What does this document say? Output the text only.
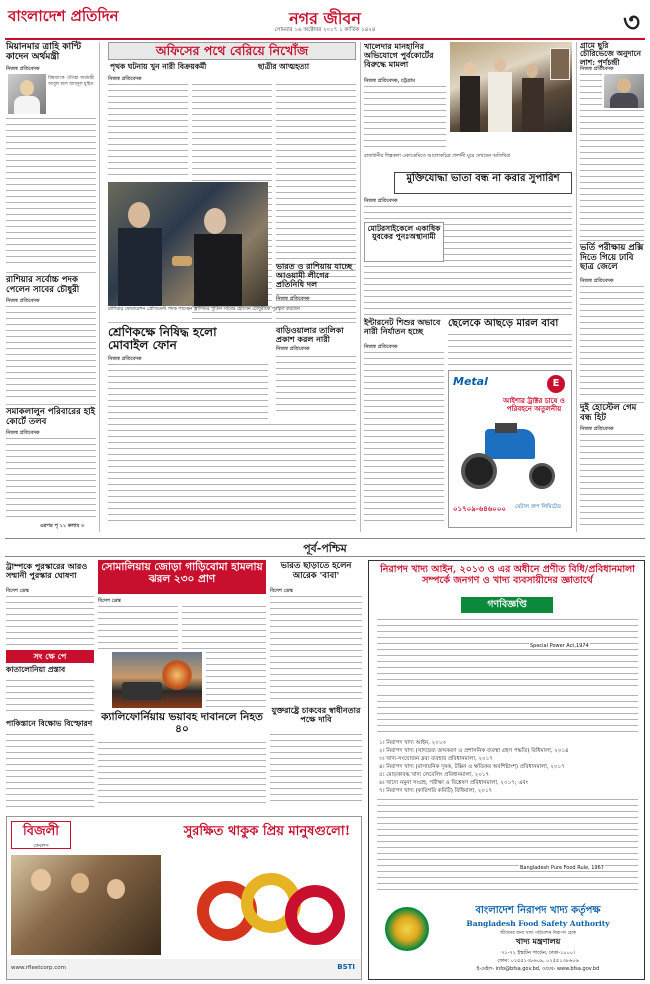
বাংলাদেশ প্রতিদিন	নগর জীবন
সোমবার ১৬ অক্টোবর ২০১৭ ১ কার্তিক ১৪২৪	৩
মিয়ানমার ত্রাহি কাণ্টি কাদেন অর্থমন্ত্রী
নিজস্ব প্রতিবেদক
বিশ্বব্যাংক ঐতিহ্য অর্থমন্ত্রী আবুল মাল আবদুল মুহিত
রাশিয়ার সর্বোচ্চ পদক পেলেন সাবের চৌধুরী
নিজস্ব প্রতিবেদক
সমাকলালুন পরিবারের হাই কোর্টে তলব
নিজস্ব প্রতিবেদক
এরপর পৃ ১১ কলাম ৩
অফিসের পথে বেরিয়ে নিখোঁজ
পৃথক ঘটনায় খুন নারী বিক্রয়কর্মী	ছাত্রীর আত্মহত্যা
নিজস্ব প্রতিবেদক
রাশিয়ার ফেডারেশন প্রেসিডেন্ট পদক পাচ্ছেন ভ্লাদিমির পুতিন সাবের হোসেন চৌধুরীকে পুরস্কৃত করছেন
শ্রেণিকক্ষে নিষিদ্ধ হলো মোবাইল ফোন
নিজস্ব প্রতিবেদক
ভারত ও রাশিয়ায় যাচ্ছে আওয়ামী লীগের প্রতিনিধি দল
নিজস্ব প্রতিবেদক
বাড়িওয়ালার তালিকা প্রকাশ করল নারী
নিজস্ব প্রতিবেদক
খালেদার মানহানির অভিযোগে পুর্বকোর্টের বিরুদ্ধে মামলা
নিজস্ব প্রতিবেদক, চট্টগ্রাম
রাজধানীর শিল্পকলা একাডেমিতে আলোকচিত্র প্রদর্শনী ঘুরে দেখছেন অতিথিরা
মুক্তিযোদ্ধা ভাতা বন্ধ না করার সুপারিশ
নিজস্ব প্রতিবেদক
মোটরসাইকেলে একাধিক যুবকের পুনঃঅস্থানামী
ছেলেকে আছড়ে মারল বাবা
ইন্টারনেট শিশুর অভাবে নারী নির্যাতন হচ্ছে
নিজস্ব প্রতিবেদক
Metal	E
আইশার ট্রাক্টর চাষে ও পরিবহনে অতুলনীয়
০১৭০৯-৬৪৬০০০ মেটাল গ্রুপ লিমিটেড
গ্রামে ছুরি চৌরিভেজে অনুদানে লাশ: পূর্ণচন্দ্রী
নিজস্ব প্রতিবেদক
ভর্তি পরীক্ষায় প্রক্সি দিতে গিয়ে ঢাবি ছাত্র জেলে
নিজস্ব প্রতিবেদক
দুই হোস্টেল গেম বন্ধ হিট
নিজস্ব প্রতিবেদক
পূর্ব-পশ্চিম
ট্রাম্পকে পুরস্কারের আরও সম্মানী পুরস্কার ঘোষণা
বিদেশ ডেস্ক
সোমালিয়ায় জোড়া গাড়িবোমা হামলায় ঝরল ২৩০ প্রাণ
বিদেশ ডেস্ক
ভারত ছাড়াতে হলেন আরেক 'বাবা'
বিদেশ ডেস্ক
সং ক্ষে পে
কাতালোনিয়া প্রস্তাব
পাকিস্তানে বিক্ষোভ বিস্ফোরণ
যুক্তরাষ্ট্রে চাকবের স্বাধীনতার পক্ষে দাবি
ক্যালিফোর্নিয়ায় ভয়াবহ দাবানলে নিহত ৪০
বিজলী
কেবলস
সুরক্ষিত থাকুক প্রিয় মানুষগুলো!
www.rfleetcorp.com	BSTI
নিরাপদ খাদ্য আইন, ২০১৩ ও এর অধীনে প্রণীত বিধি/প্রবিধানমালা সম্পর্কে জনগণ ও খাদ্য ব্যবসায়ীদের জ্ঞাতার্থে
গণবিজ্ঞপ্তি
Special Power Act,1974
১। নিরাপদ খাদ্য আইন, ২০১৩
২। নিরাপদ খাদ্য (খাদ্যদ্রব্য জব্দকরণ ও প্রশাসনিক ব্যবস্থা গ্রহণ পদ্ধতি) বিধিমালা, ২০১৪
৩। খাদ্য-সংযোজন দ্রব্য ব্যবহার প্রবিধানমালা, ২০১৭
৪। নিরাপদ খাদ্য (রাসায়নিক দূষক, টক্সিন ও ক্ষতিকর অবশিষ্টাংশ) প্রবিধানমালা, ২০১৭
৫। মোড়কাবদ্ধ খাদ্য লেবেলিং প্রবিধানমালা, ২০১৭
৬। খাদ্যে নমুনা সংগ্রহ, পরীক্ষা ও বিশ্লেষণ প্রবিধানমালা, ২০১৭; এবং
৭। নিরাপদ খাদ্য (কারিগরি কমিটি) বিধিমালা, ২০১৭
Bangladesh Pure Food Rule, 1967
বাংলাদেশ নিরাপদ খাদ্য কর্তৃপক্ষ
Bangladesh Food Safety Authority
জীবনের জন্য খাদ্য পরিবেশন নিরাপদ হোক
খাদ্য মন্ত্রণালয়
৭১-৭২ ইস্কাটন গার্ডেন, ঢাকা-১০০০।
ফোন: ০২৫৫১৩৮৬০৯, ০২৫৫১৩৮৬০৬
ই-মেইল- info@bfsa.gov.bd, ওয়েব- www.bfsa.gov.bd
